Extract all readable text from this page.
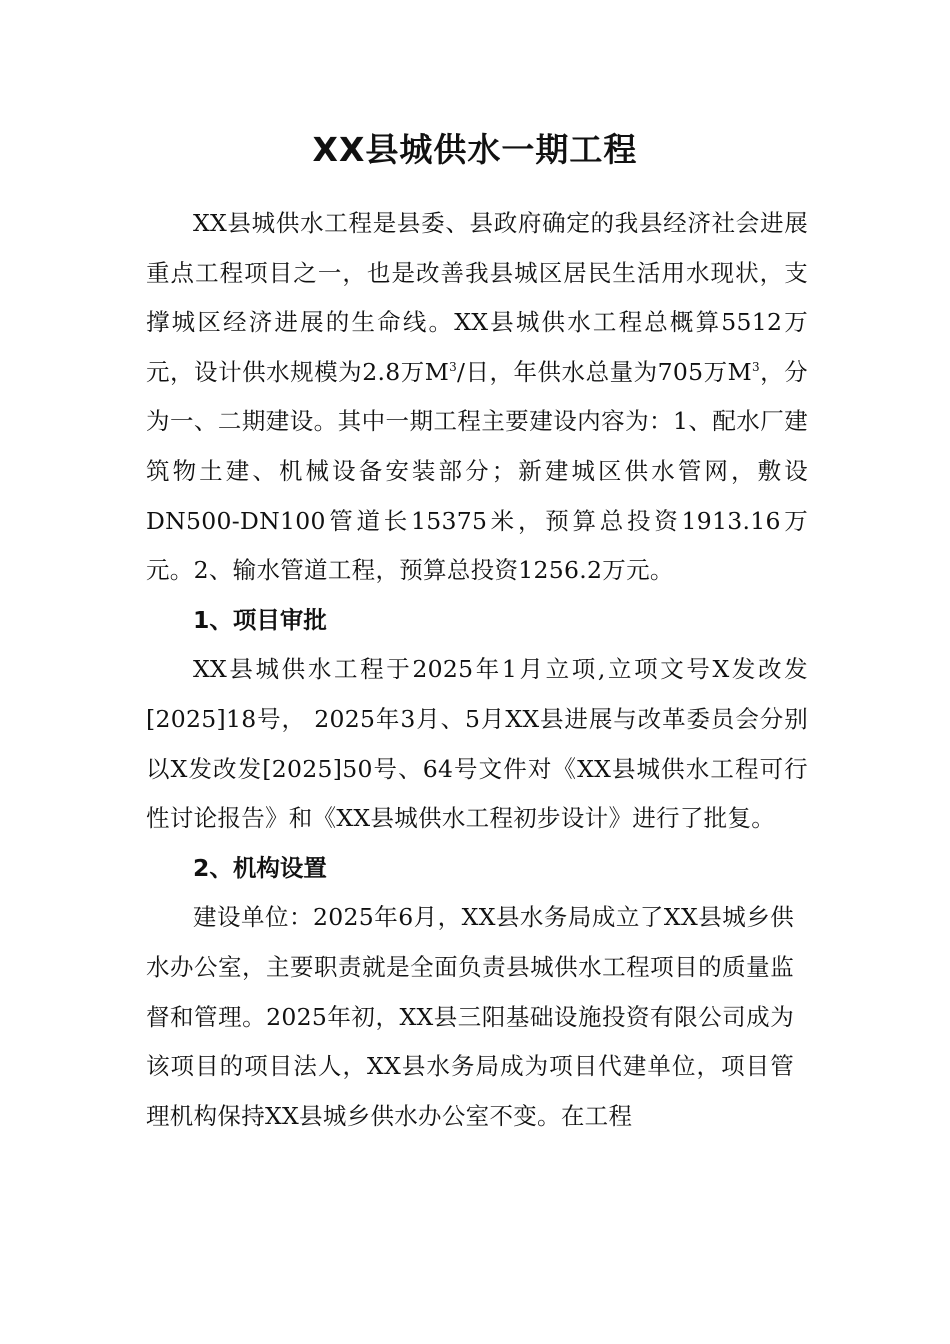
XX县城供水一期工程

XX县城供水工程是县委、县政府确定的我县经济社会进展重点工程项目之一，也是改善我县城区居民生活用水现状，支撑城区经济进展的生命线。XX县城供水工程总概算5512万元，设计供水规模为2.8万$M^3/$日，年供水总量为705万$M^3$，分为一、二期建设。其中一期工程主要建设内容为：1、配水厂建筑物土建、机械设备安装部分；新建城区供水管网，敷设DN500-DN100管道长15375米，预算总投资1913.16万元。2、输水管道工程，预算总投资1256.2万元。

1、项目审批

XX县城供水工程于2025年1月立项,立项文号X发改发[2025]18号， 2025年3月、5月XX县进展与改革委员会分别以X发改发[2025]50号、64号文件对《XX县城供水工程可行性讨论报告》和《XX县城供水工程初步设计》进行了批复。

2、机构设置

建设单位：2025年6月，XX县水务局成立了XX县城乡供水办公室，主要职责就是全面负责县城供水工程项目的质量监督和管理。2025年初，XX县三阳基础设施投资有限公司成为该项目的项目法人，XX县水务局成为项目代建单位，项目管理机构保持XX县城乡供水办公室不变。在工程
